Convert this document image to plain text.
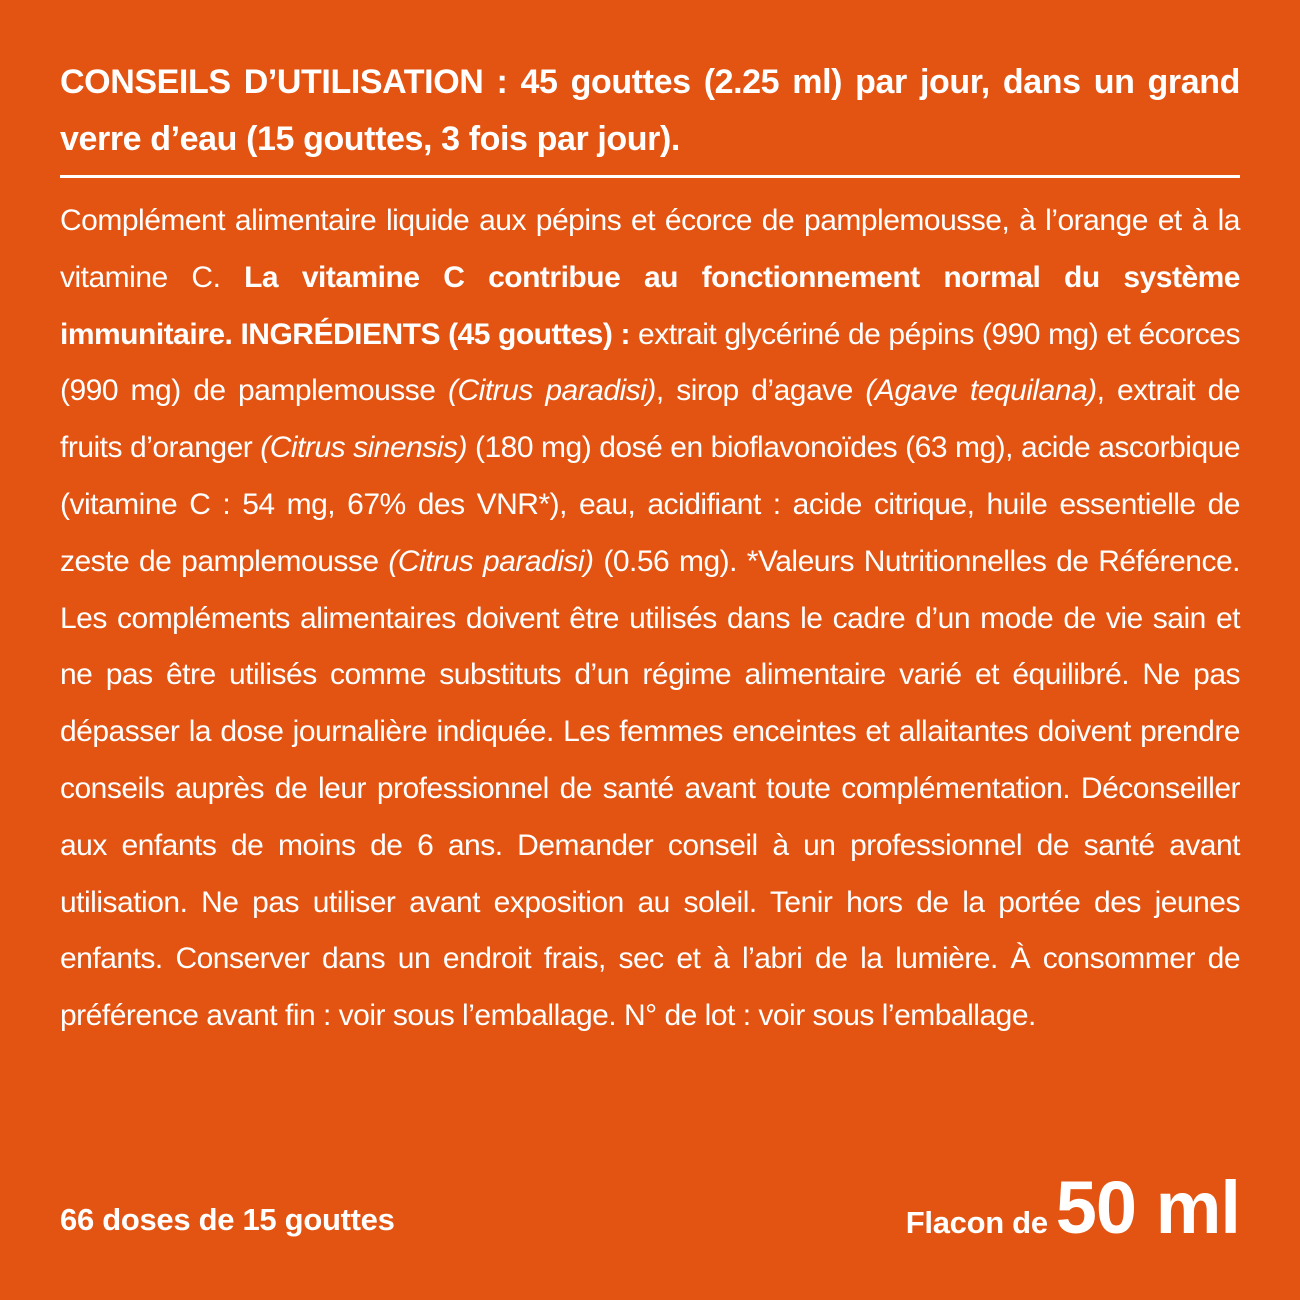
CONSEILS D’UTILISATION : 45 gouttes (2.25 ml) par jour, dans un grand verre d’eau (15 gouttes, 3 fois par jour).
Complément alimentaire liquide aux pépins et écorce de pamplemousse, à l’orange et à la vitamine C. La vitamine C contribue au fonctionnement normal du système immunitaire. INGRÉDIENTS (45 gouttes) : extrait glycériné de pépins (990 mg) et écorces (990 mg) de pamplemousse (Citrus paradisi), sirop d’agave (Agave tequilana), extrait de fruits d’oranger (Citrus sinensis) (180 mg) dosé en bioflavonoïdes (63 mg), acide ascorbique (vitamine C : 54 mg, 67% des VNR*), eau, acidifiant : acide citrique, huile essentielle de zeste de pamplemousse (Citrus paradisi) (0.56 mg). *Valeurs Nutritionnelles de Référence. Les compléments alimentaires doivent être utilisés dans le cadre d’un mode de vie sain et ne pas être utilisés comme substituts d’un régime alimentaire varié et équilibré. Ne pas dépasser la dose journalière indiquée. Les femmes enceintes et allaitantes doivent prendre conseils auprès de leur professionnel de santé avant toute complémentation. Déconseiller aux enfants de moins de 6 ans. Demander conseil à un professionnel de santé avant utilisation. Ne pas utiliser avant exposition au soleil. Tenir hors de la portée des jeunes enfants. Conserver dans un endroit frais, sec et à l’abri de la lumière. À consommer de préférence avant fin : voir sous l’emballage. N° de lot : voir sous l’emballage.
66 doses de 15 gouttes	Flacon de 50 ml
